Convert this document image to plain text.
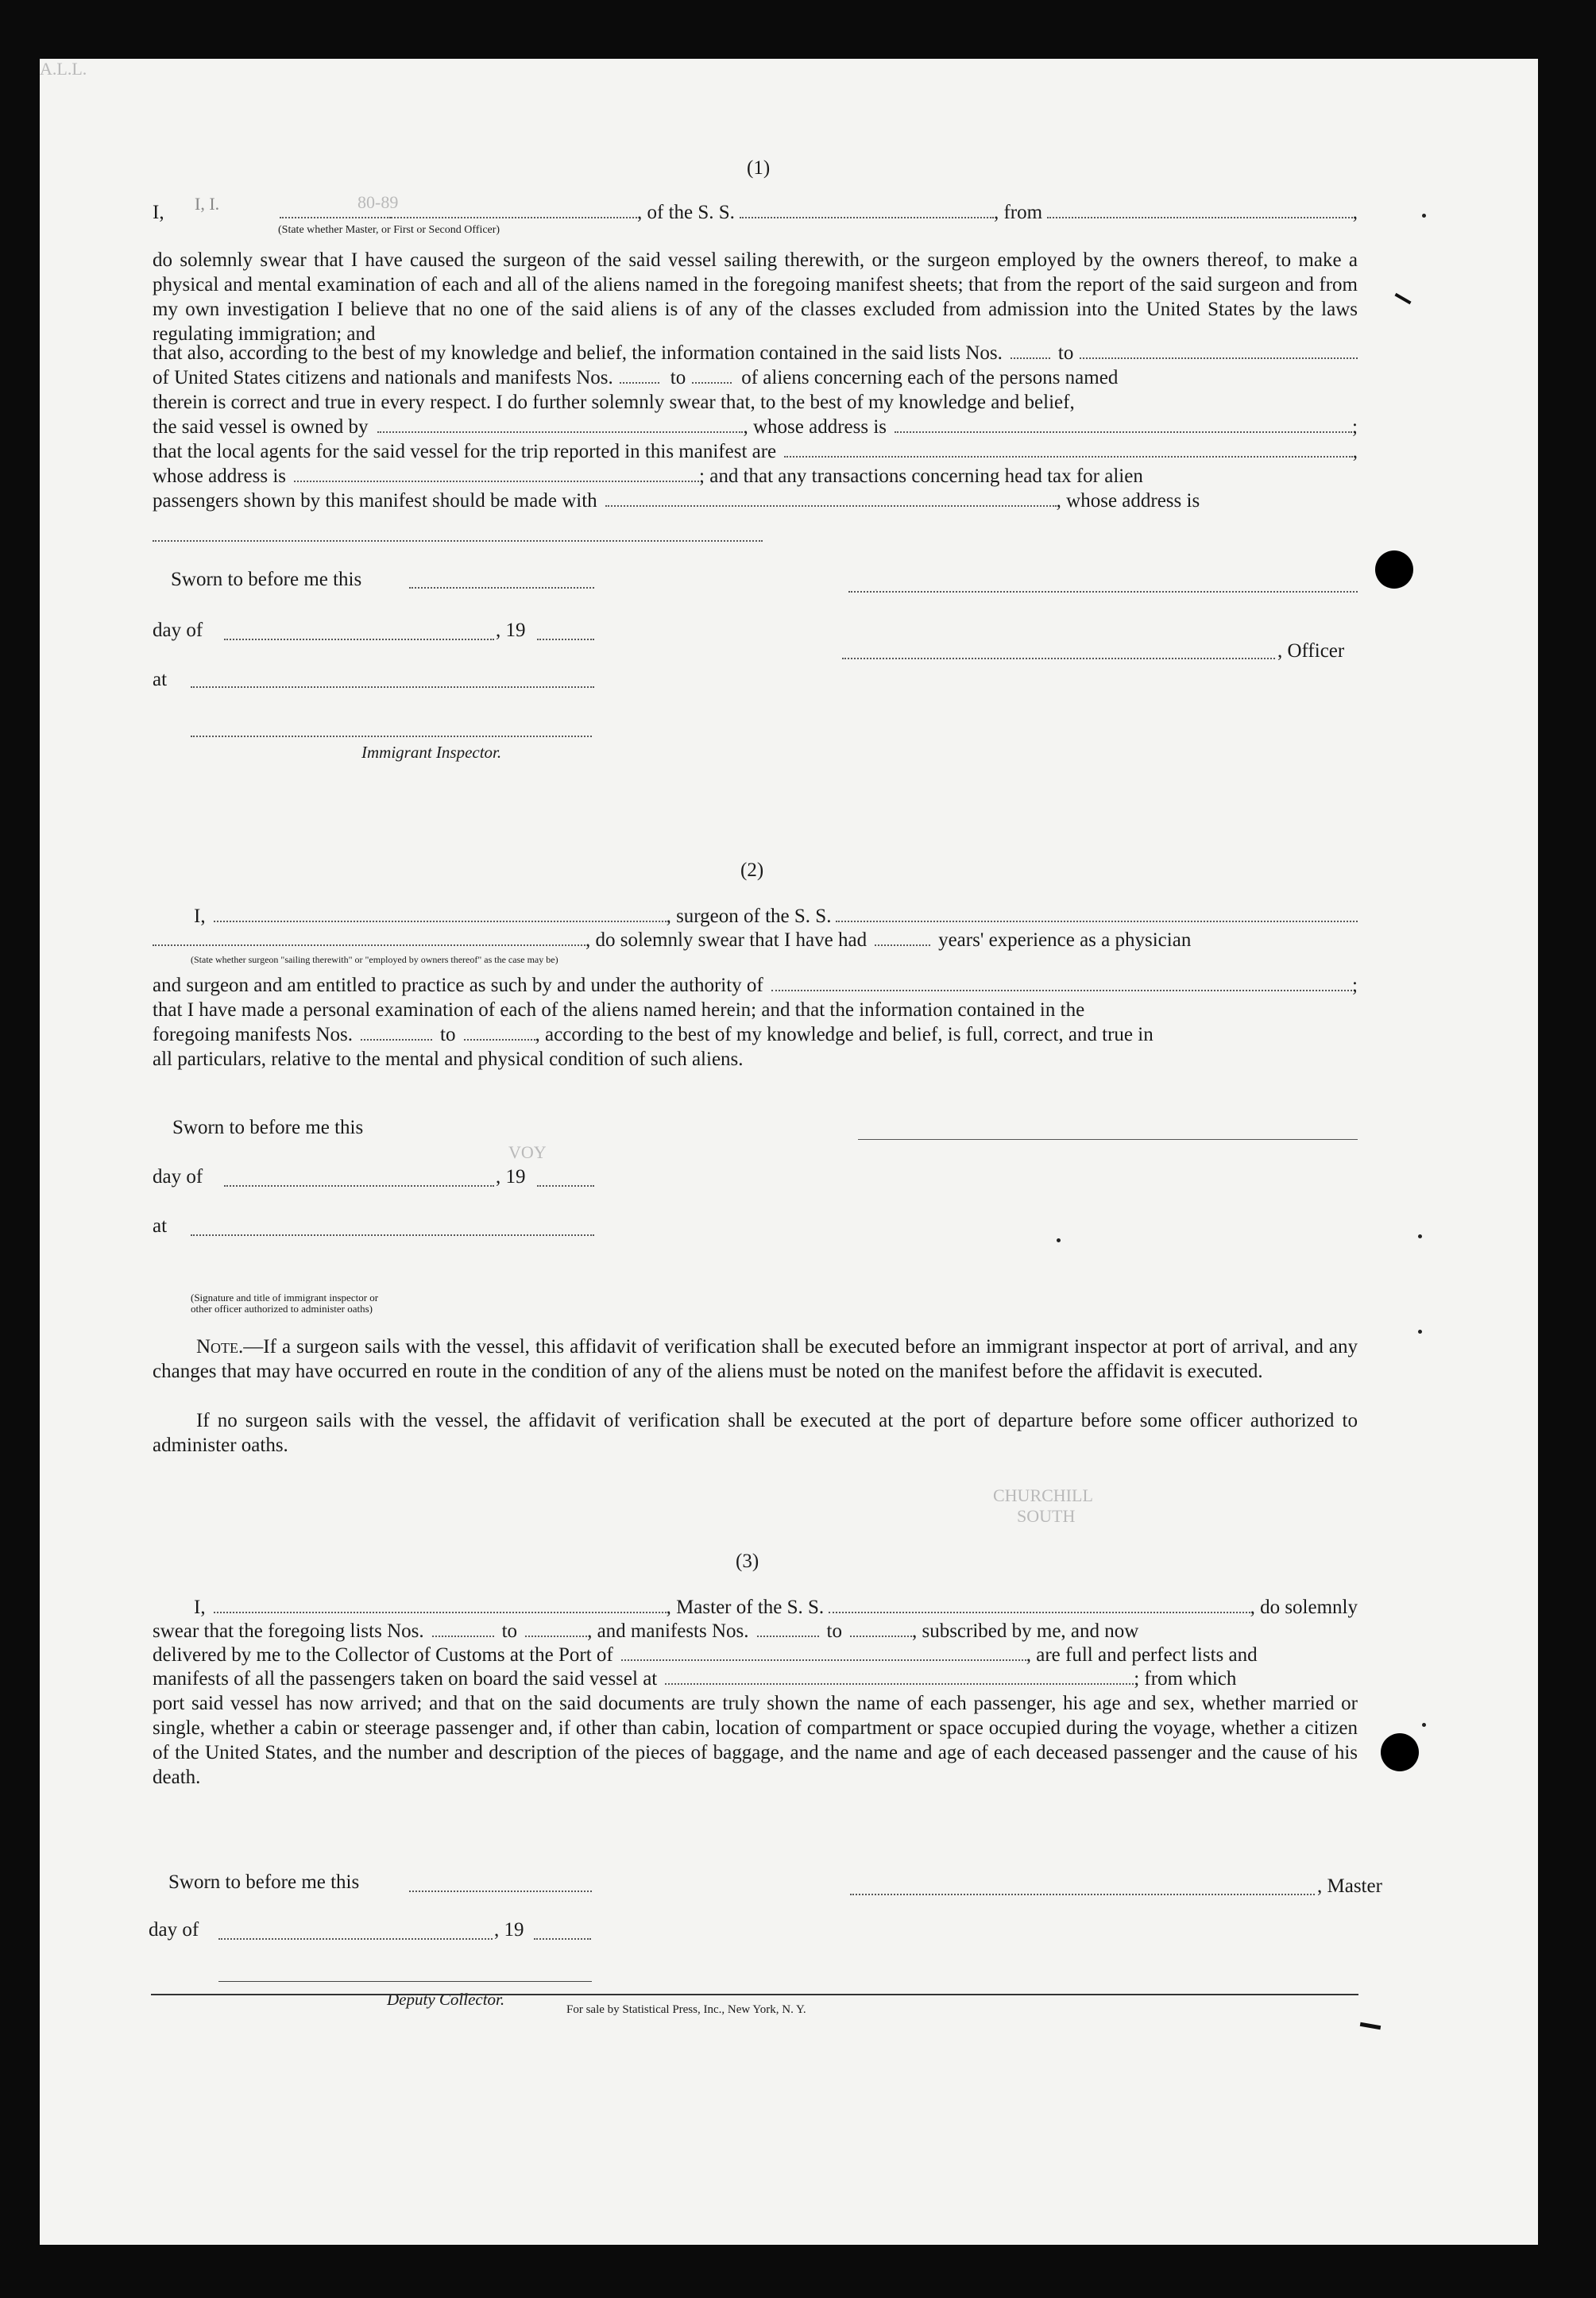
(1)
I, I.	80-89	, of the S. S.	, from	,
I,
(State whether Master, or First or Second Officer)
do solemnly swear that I have caused the surgeon of the said vessel sailing therewith, or the surgeon employed by the owners thereof, to make a physical and mental examination of each and all of the aliens named in the foregoing manifest sheets; that from the report of the said surgeon and from my own investigation I believe that no one of the said aliens is of any of the classes excluded from admission into the United States by the laws regulating immigration; and
that also, according to the best of my knowledge and belief, the information contained in the said lists Nos.	to
of United States citizens and nationals and manifests Nos.	to	of aliens concerning each of the persons named
therein is correct and true in every respect. I do further solemnly swear that, to the best of my knowledge and belief,
the said vessel is owned by	, whose address is	;
that the local agents for the said vessel for the trip reported in this manifest are	,
whose address is	; and that any transactions concerning head tax for alien
passengers shown by this manifest should be made with	, whose address is
Sworn to before me this
day of	, 19
, Officer
at
Immigrant Inspector.
(2)
I,	, surgeon of the S. S.
, do solemnly swear that I have had	years' experience as a physician
(State whether surgeon "sailing therewith" or "employed by owners thereof" as the case may be)
and surgeon and am entitled to practice as such by and under the authority of	;
that I have made a personal examination of each of the aliens named herein; and that the information contained in the
foregoing manifests Nos.	to	, according to the best of my knowledge and belief, is full, correct, and true in
all particulars, relative to the mental and physical condition of such aliens.
VOY
Sworn to before me this
day of	, 19
at
(Signature and title of immigrant inspector or
other officer authorized to administer oaths)
Note.—If a surgeon sails with the vessel, this affidavit of verification shall be executed before an immigrant inspector at port of arrival, and any changes that may have occurred en route in the condition of any of the aliens must be noted on the manifest before the affidavit is executed.
If no surgeon sails with the vessel, the affidavit of verification shall be executed at the port of departure before some officer authorized to administer oaths.
CHURCHILL
SOUTH
A.L.L.
(3)
I,	, Master of the S. S.	, do solemnly
swear that the foregoing lists Nos.	to	, and manifests Nos.	to	, subscribed by me, and now
delivered by me to the Collector of Customs at the Port of	, are full and perfect lists and
manifests of all the passengers taken on board the said vessel at	; from which
port said vessel has now arrived; and that on the said documents are truly shown the name of each passenger, his age and sex, whether married or single, whether a cabin or steerage passenger and, if other than cabin, location of compartment or space occupied during the voyage, whether a citizen of the United States, and the number and description of the pieces of baggage, and the name and age of each deceased passenger and the cause of his death.
Sworn to before me this	, Master
day of	, 19
Deputy Collector.
For sale by Statistical Press, Inc., New York, N. Y.
